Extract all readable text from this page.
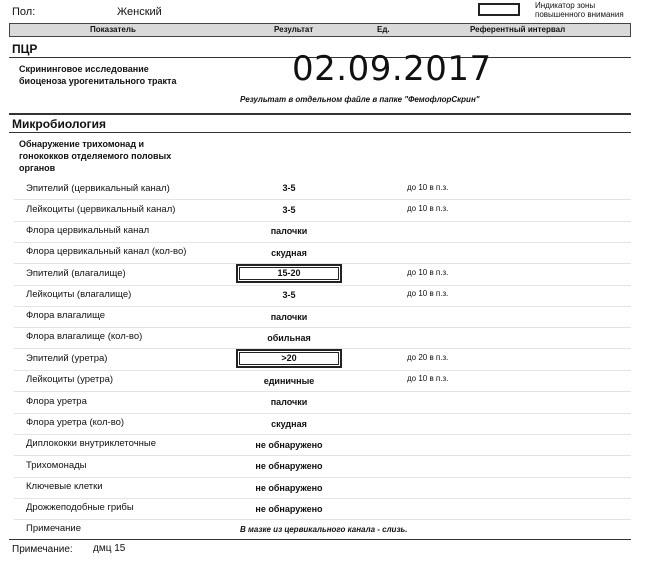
Пол:	Женский
Индикатор зоны
повышенного внимания
Показатель	Результат	Ед.	Референтный интервал
ПЦР
Скрининговое исследование
биоценоза урогенитального тракта	02.09.2017
Результат в отдельном файле в папке "ФемофлорСкрин"
Микробиология
Обнаружение трихомонад и
гонококков отделяемого половых
органов
Эпителий (цервикальный канал)	3-5	до 10 в п.з.
Лейкоциты (цервикальный канал)	3-5	до 10 в п.з.
Флора цервикальный канал	палочки
Флора цервикальный канал (кол-во)	скудная
Эпителий (влагалище)	15-20	до 10 в п.з.
Лейкоциты (влагалище)	3-5	до 10 в п.з.
Флора влагалище	палочки
Флора влагалище (кол-во)	обильная
Эпителий (уретра)	>20	до 20 в п.з.
Лейкоциты (уретра)	единичные	до 10 в п.з.
Флора уретра	палочки
Флора уретра (кол-во)	скудная
Диплококки внутриклеточные	не обнаружено
Трихомонады	не обнаружено
Ключевые клетки	не обнаружено
Дрожжеподобные грибы	не обнаружено
Примечание	В мазке из цервикального канала - слизь.
Примечание: дмц 15
